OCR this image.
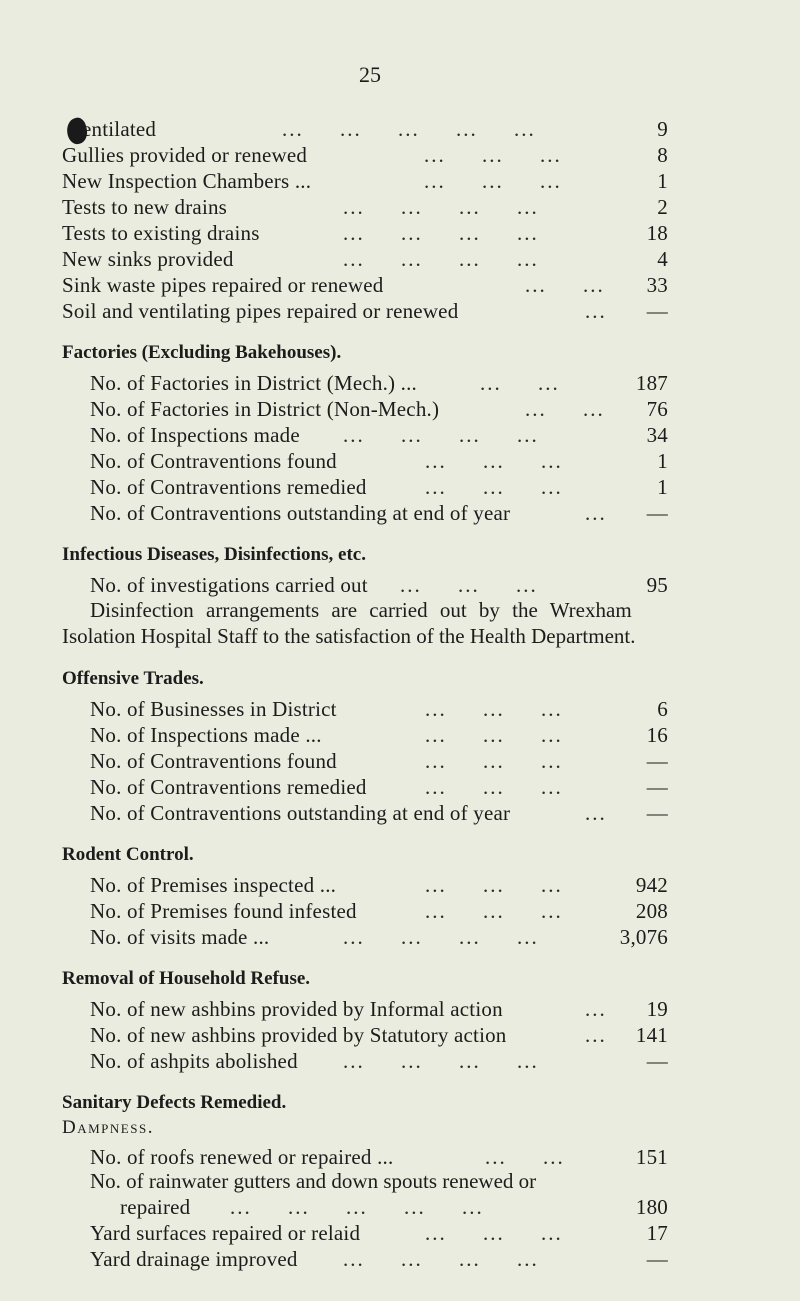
25
entilated	...     ...     ...     ...     ...	9
Gullies provided or renewed	...     ...     ...	8
New Inspection Chambers ...	...     ...     ...	1
Tests to new drains	...     ...     ...     ...	2
Tests to existing drains	...     ...     ...     ...	18
New sinks provided	...     ...     ...     ...	4
Sink waste pipes repaired or renewed	...     ... 33
Soil and ventilating pipes repaired or renewed	... —
Factories (Excluding Bakehouses).
No. of Factories in District (Mech.) ...	...     ...	187
No. of Factories in District (Non-Mech.)	...     ... 76
No. of Inspections made ...     ...     ...     ...	34
No. of Contraventions found	...     ...     ...	1
No. of Contraventions remedied	...     ...     ...	1
No. of Contraventions outstanding at end of year	... —
Infectious Diseases, Disinfections, etc.
No. of investigations carried out ...     ...     ...	95
Disinfection arrangements are carried out by the Wrexham
Isolation Hospital Staff to the satisfaction of the Health Department.
Offensive Trades.
No. of Businesses in District	...     ...     ...	6
No. of Inspections made ...	...     ...     ...	16
No. of Contraventions found	...     ...     ...	—
No. of Contraventions remedied	...     ...     ...	—
No. of Contraventions outstanding at end of year	... —
Rodent Control.
No. of Premises inspected ...	...     ...     ...	942
No. of Premises found infested	...     ...     ...	208
No. of visits made ...	...     ...     ...     ...	3,076
Removal of Household Refuse.
No. of new ashbins provided by Informal action	... 19
No. of new ashbins provided by Statutory action	... 141
No. of ashpits abolished ...     ...     ...     ...	—
Sanitary Defects Remedied.
Dampness.
No. of roofs renewed or repaired ...	...     ...	151
No. of rainwater gutters and down spouts renewed or
repaired ...     ...     ...     ...     ...	180
Yard surfaces repaired or relaid	...     ...     ...	17
Yard drainage improved ...     ...     ...     ...	—
